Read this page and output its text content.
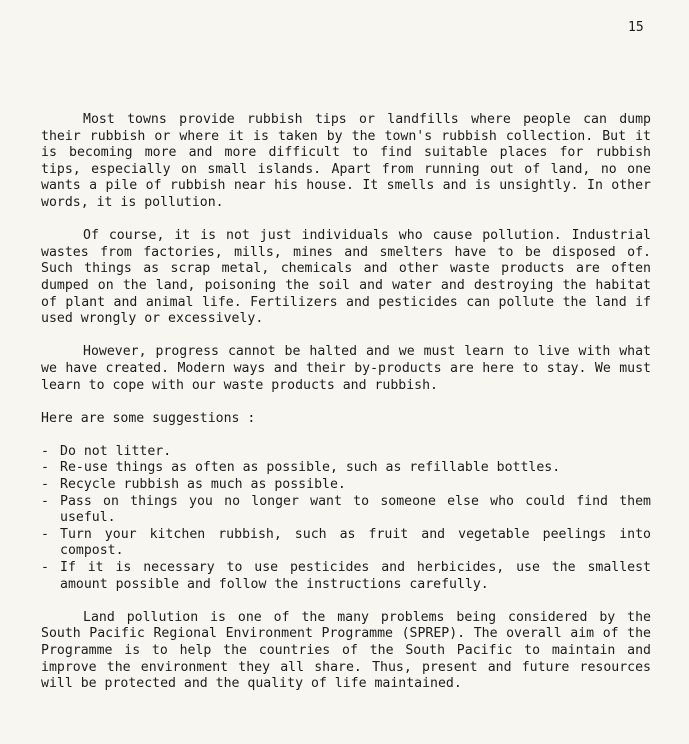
15

Most towns provide rubbish tips or landfills where people can dump their rubbish or where it is taken by the town's rubbish collection. But it is becoming more and more difficult to find suitable places for rubbish tips, especially on small islands. Apart from running out of land, no one wants a pile of rubbish near his house. It smells and is unsightly. In other words, it is pollution.

Of course, it is not just individuals who cause pollution. Industrial wastes from factories, mills, mines and smelters have to be disposed of. Such things as scrap metal, chemicals and other waste products are often dumped on the land, poisoning the soil and water and destroying the habitat of plant and animal life. Fertilizers and pesticides can pollute the land if used wrongly or excessively.

However, progress cannot be halted and we must learn to live with what we have created. Modern ways and their by-products are here to stay. We must learn to cope with our waste products and rubbish.

Here are some suggestions :

- Do not litter.
- Re-use things as often as possible, such as refillable bottles.
- Recycle rubbish as much as possible.
- Pass on things you no longer want to someone else who could find them useful.
- Turn your kitchen rubbish, such as fruit and vegetable peelings into compost.
- If it is necessary to use pesticides and herbicides, use the smallest amount possible and follow the instructions carefully.

Land pollution is one of the many problems being considered by the South Pacific Regional Environment Programme (SPREP). The overall aim of the Programme is to help the countries of the South Pacific to maintain and improve the environment they all share. Thus, present and future resources will be protected and the quality of life maintained.
